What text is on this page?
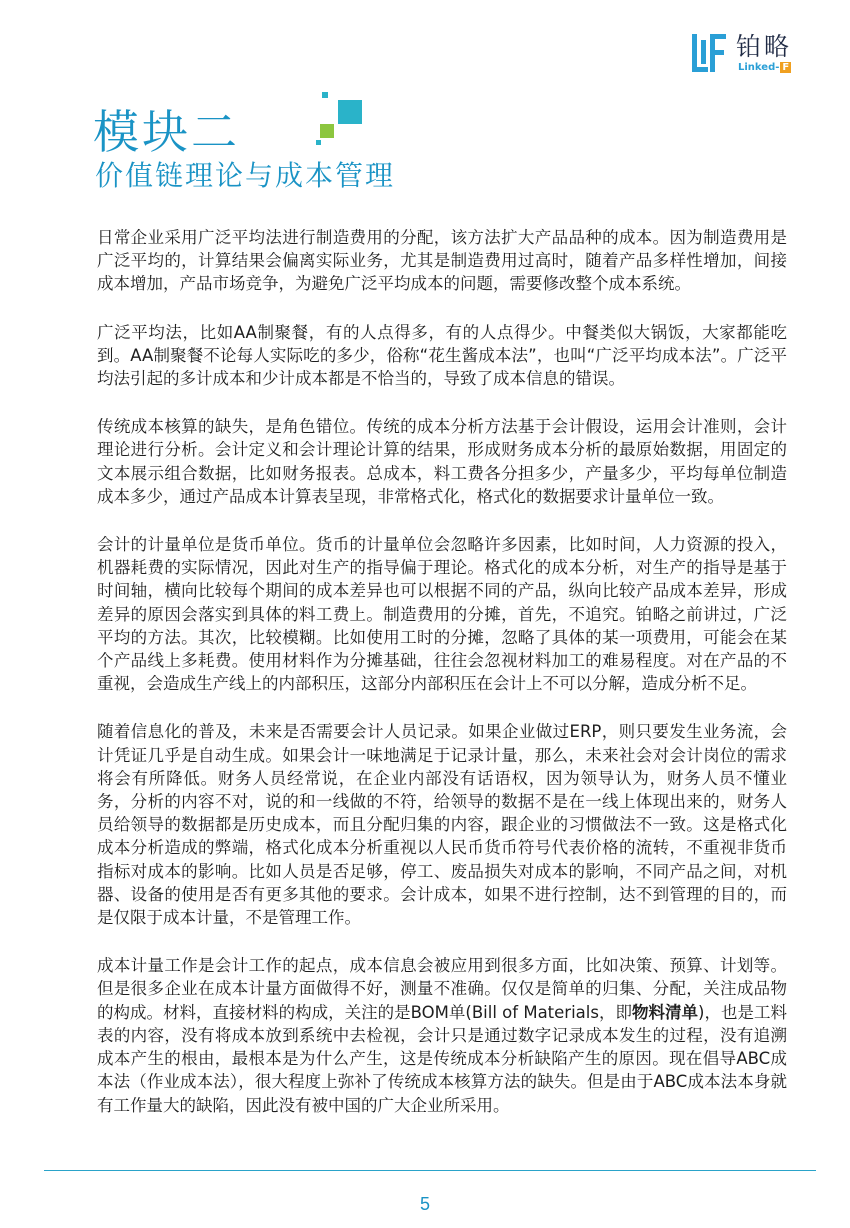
铂略
Linked- F
模块二
价值链理论与成本管理

日常企业采用广泛平均法进行制造费用的分配，该方法扩大产品品种的成本。因为制造费用是广泛平均的，计算结果会偏离实际业务，尤其是制造费用过高时，随着产品多样性增加，间接成本增加，产品市场竞争，为避免广泛平均成本的问题，需要修改整个成本系统。

广泛平均法，比如AA制聚餐，有的人点得多，有的人点得少。中餐类似大锅饭，大家都能吃到。AA制聚餐不论每人实际吃的多少，俗称“花生酱成本法”，也叫“广泛平均成本法”。广泛平均法引起的多计成本和少计成本都是不恰当的，导致了成本信息的错误。

传统成本核算的缺失，是角色错位。传统的成本分析方法基于会计假设，运用会计准则，会计理论进行分析。会计定义和会计理论计算的结果，形成财务成本分析的最原始数据，用固定的文本展示组合数据，比如财务报表。总成本，料工费各分担多少，产量多少，平均每单位制造成本多少，通过产品成本计算表呈现，非常格式化，格式化的数据要求计量单位一致。

会计的计量单位是货币单位。货币的计量单位会忽略许多因素，比如时间，人力资源的投入，机器耗费的实际情况，因此对生产的指导偏于理论。格式化的成本分析，对生产的指导是基于时间轴，横向比较每个期间的成本差异也可以根据不同的产品，纵向比较产品成本差异，形成差异的原因会落实到具体的料工费上。制造费用的分摊，首先，不追究。铂略之前讲过，广泛平均的方法。其次，比较模糊。比如使用工时的分摊，忽略了具体的某一项费用，可能会在某个产品线上多耗费。使用材料作为分摊基础，往往会忽视材料加工的难易程度。对在产品的不重视，会造成生产线上的内部积压，这部分内部积压在会计上不可以分解，造成分析不足。

随着信息化的普及，未来是否需要会计人员记录。如果企业做过ERP，则只要发生业务流，会计凭证几乎是自动生成。如果会计一味地满足于记录计量，那么，未来社会对会计岗位的需求将会有所降低。财务人员经常说，在企业内部没有话语权，因为领导认为，财务人员不懂业务，分析的内容不对，说的和一线做的不符，给领导的数据不是在一线上体现出来的，财务人员给领导的数据都是历史成本，而且分配归集的内容，跟企业的习惯做法不一致。这是格式化成本分析造成的弊端，格式化成本分析重视以人民币货币符号代表价格的流转，不重视非货币指标对成本的影响。比如人员是否足够，停工、废品损失对成本的影响，不同产品之间，对机器、设备的使用是否有更多其他的要求。会计成本，如果不进行控制，达不到管理的目的，而是仅限于成本计量，不是管理工作。

成本计量工作是会计工作的起点，成本信息会被应用到很多方面，比如决策、预算、计划等。但是很多企业在成本计量方面做得不好，测量不准确。仅仅是简单的归集、分配，关注成品物的构成。材料，直接材料的构成，关注的是BOM单(Bill of Materials，即物料清单)，也是工料表的内容，没有将成本放到系统中去检视，会计只是通过数字记录成本发生的过程，没有追溯成本产生的根由，最根本是为什么产生，这是传统成本分析缺陷产生的原因。现在倡导ABC成本法（作业成本法），很大程度上弥补了传统成本核算方法的缺失。但是由于ABC成本法本身就有工作量大的缺陷，因此没有被中国的广大企业所采用。

5
